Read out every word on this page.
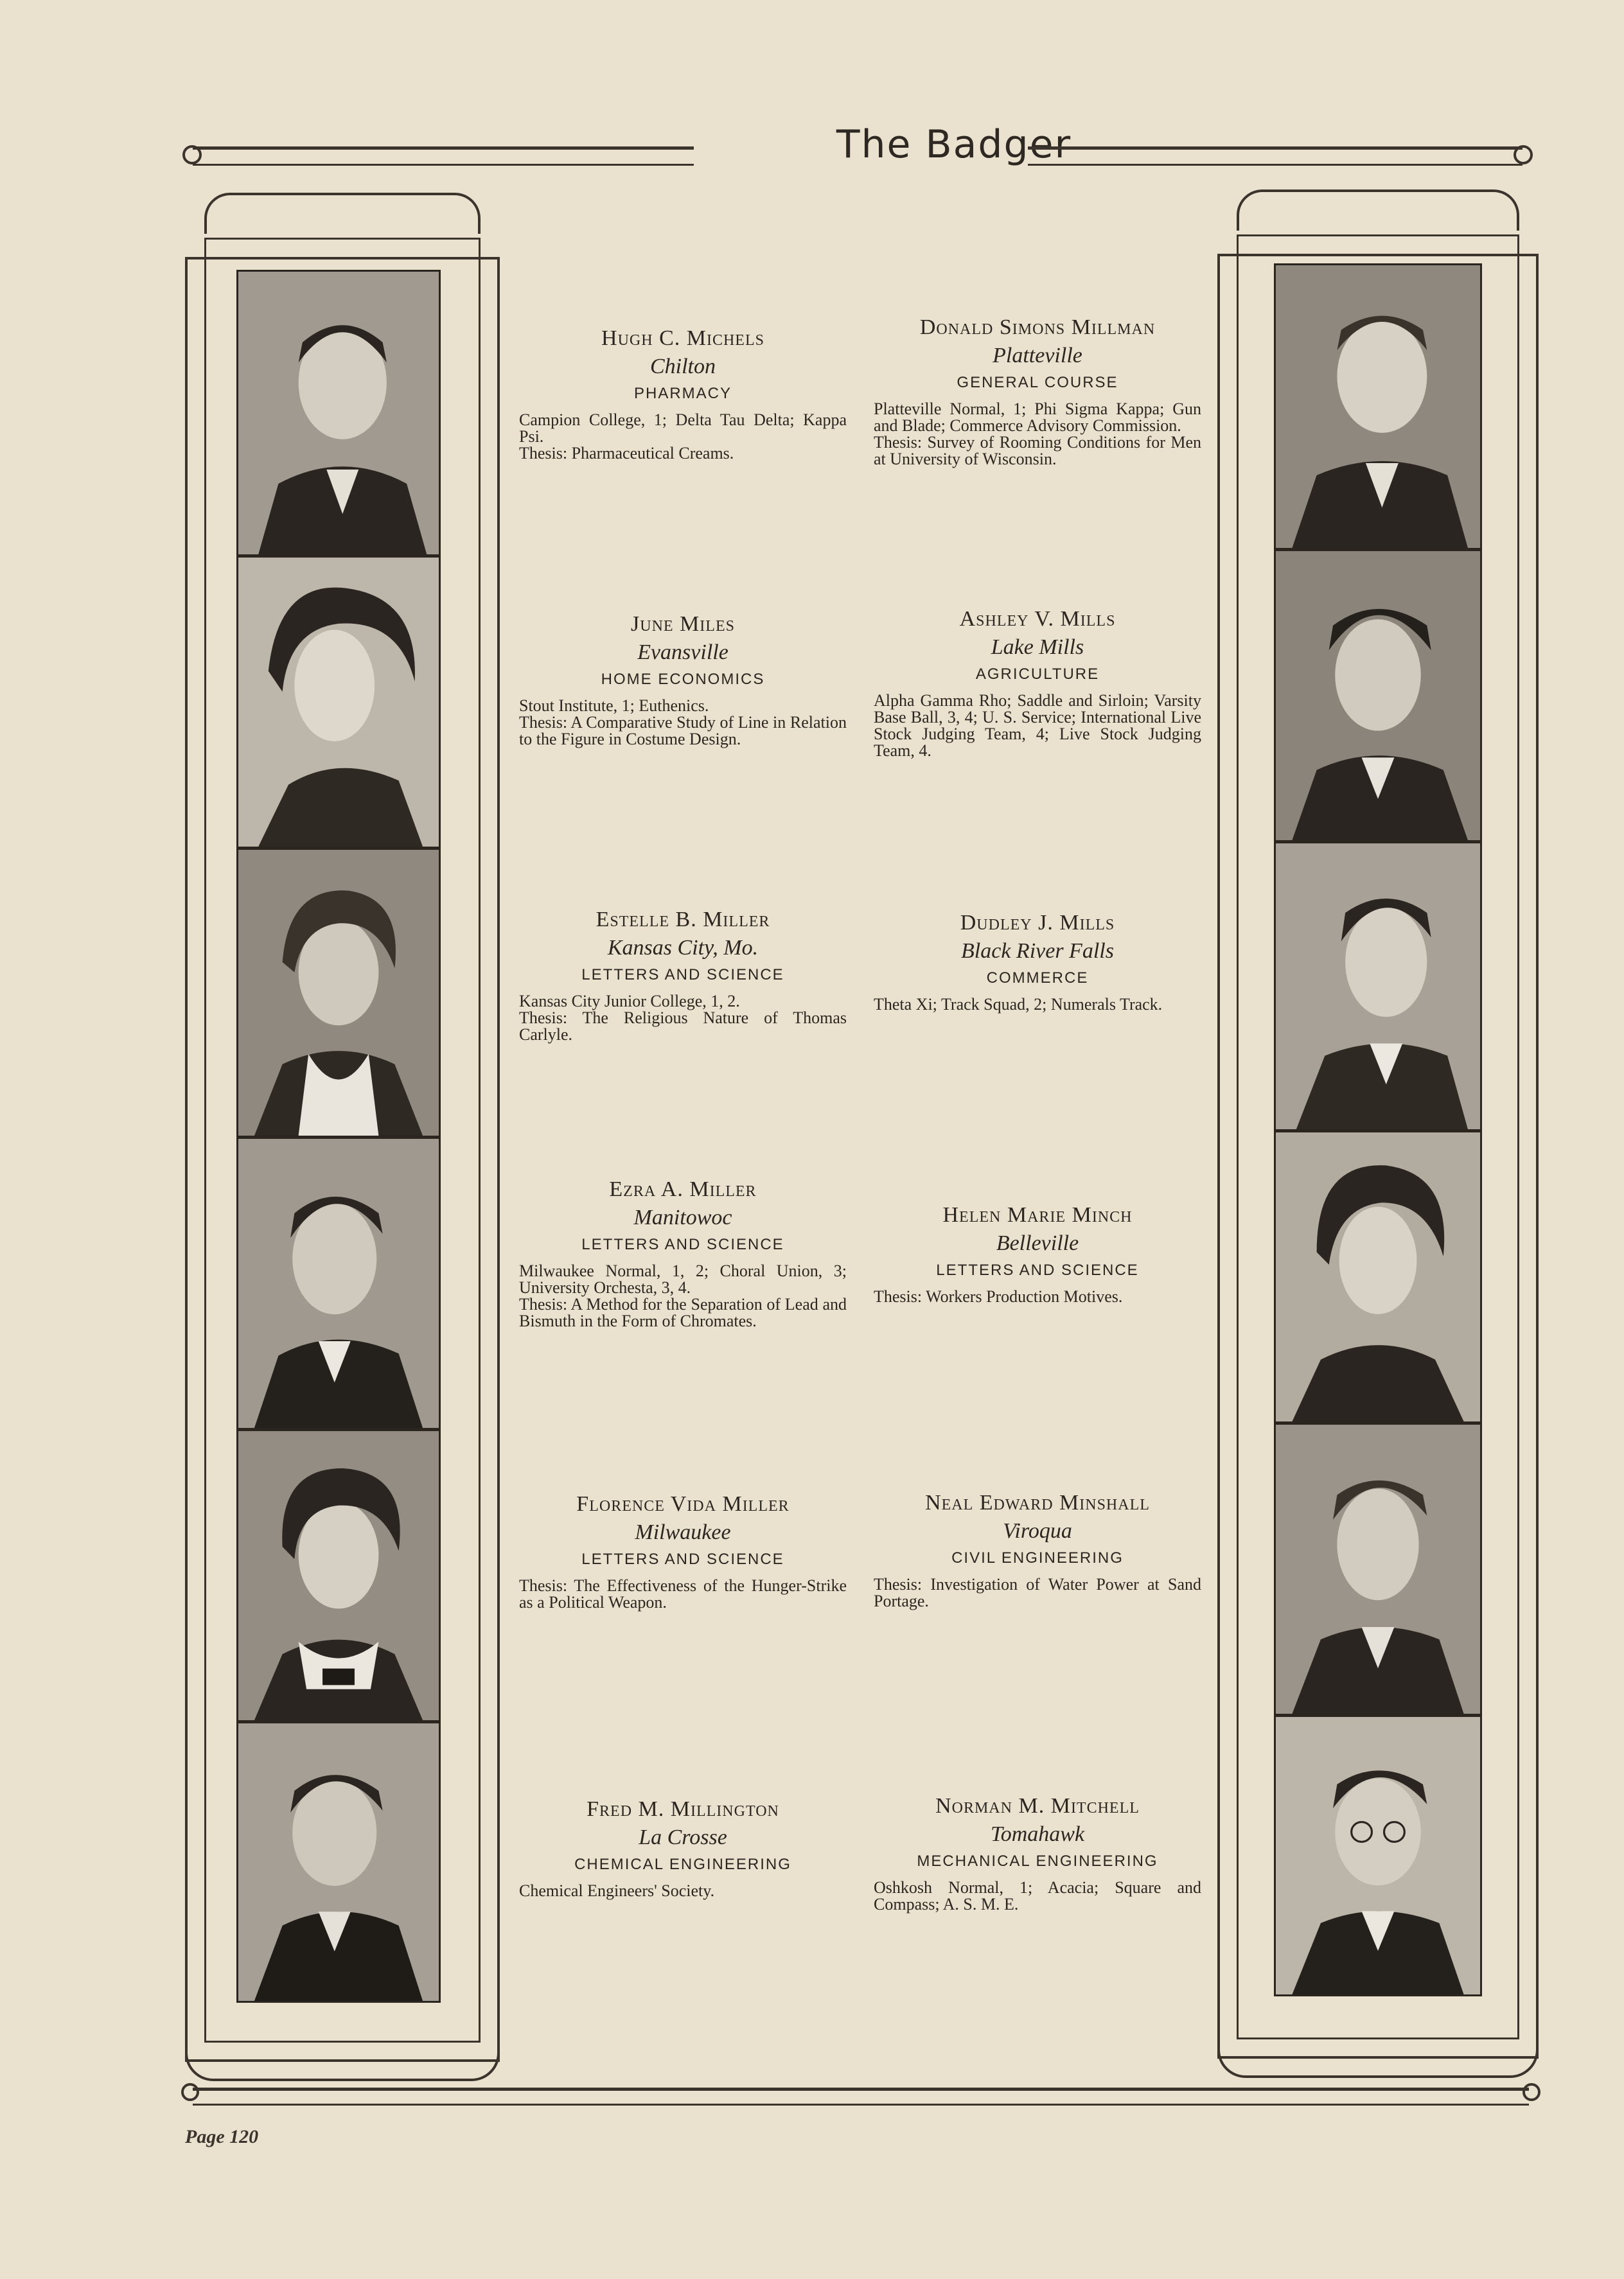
The Badger
Hugh C. Michels
Chilton
PHARMACY
Campion College, 1; Delta Tau Delta; Kappa Psi.
Thesis: Pharmaceutical Creams.
June Miles
Evansville
HOME ECONOMICS
Stout Institute, 1; Euthenics.
Thesis: A Comparative Study of Line in Relation to the Figure in Costume Design.
Estelle B. Miller
Kansas City, Mo.
LETTERS AND SCIENCE
Kansas City Junior College, 1, 2.
Thesis: The Religious Nature of Thomas Carlyle.
Ezra A. Miller
Manitowoc
LETTERS AND SCIENCE
Milwaukee Normal, 1, 2; Choral Union, 3; University Orchesta, 3, 4.
Thesis: A Method for the Separation of Lead and Bismuth in the Form of Chromates.
Florence Vida Miller
Milwaukee
LETTERS AND SCIENCE
Thesis: The Effectiveness of the Hunger-Strike as a Political Weapon.
Fred M. Millington
La Crosse
CHEMICAL ENGINEERING
Chemical Engineers' Society.
Donald Simons Millman
Platteville
GENERAL COURSE
Platteville Normal, 1; Phi Sigma Kappa; Gun and Blade; Commerce Advisory Commission.
Thesis: Survey of Rooming Conditions for Men at University of Wisconsin.
Ashley V. Mills
Lake Mills
AGRICULTURE
Alpha Gamma Rho; Saddle and Sirloin; Varsity Base Ball, 3, 4; U. S. Service; International Live Stock Judging Team, 4; Live Stock Judging Team, 4.
Dudley J. Mills
Black River Falls
COMMERCE
Theta Xi; Track Squad, 2; Numerals Track.
Helen Marie Minch
Belleville
LETTERS AND SCIENCE
Thesis: Workers Production Motives.
Neal Edward Minshall
Viroqua
CIVIL ENGINEERING
Thesis: Investigation of Water Power at Sand Portage.
Norman M. Mitchell
Tomahawk
MECHANICAL ENGINEERING
Oshkosh Normal, 1; Acacia; Square and Compass; A. S. M. E.
Page 120
